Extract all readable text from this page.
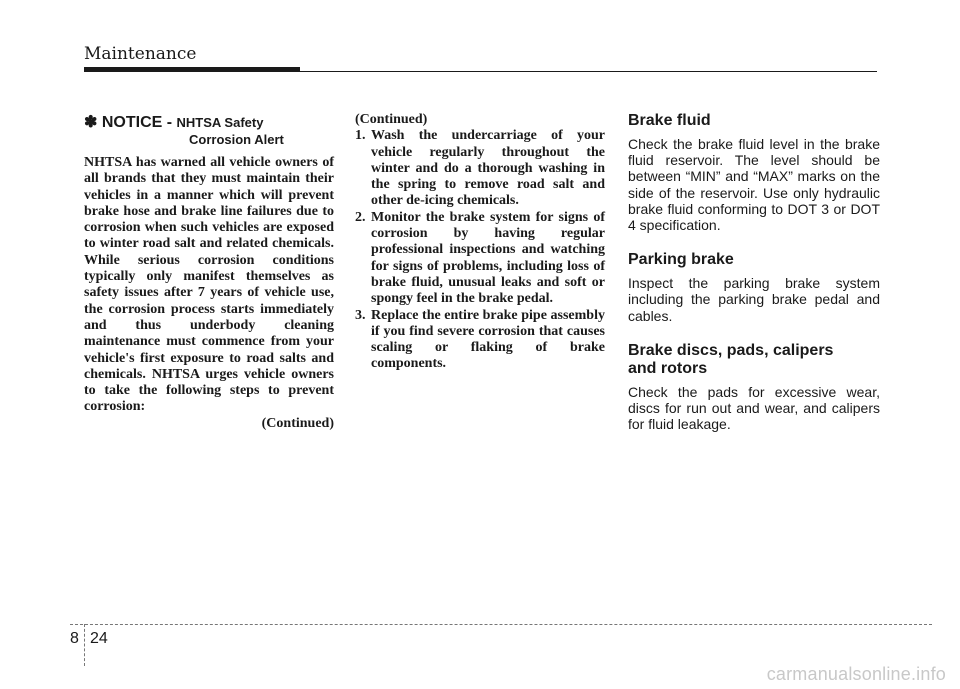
Maintenance
✽ NOTICE - NHTSA Safety
Corrosion Alert
NHTSA has warned all vehicle owners of all brands that they must maintain their vehicles in a manner which will prevent brake hose and brake line failures due to corrosion when such vehicles are exposed to winter road salt and related chemicals. While serious corrosion conditions typically only manifest themselves as safety issues after 7 years of vehicle use, the corrosion process starts immediately and thus underbody cleaning maintenance must commence from your vehicle's first exposure to road salts and chemicals. NHTSA urges vehicle owners to take the following steps to prevent corrosion:
(Continued)
(Continued)
1. Wash the undercarriage of your vehicle regularly throughout the winter and do a thorough washing in the spring to remove road salt and other de-icing chemicals.
2. Monitor the brake system for signs of corrosion by having regular professional inspections and watching for signs of problems, including loss of brake fluid, unusual leaks and soft or spongy feel in the brake pedal.
3. Replace the entire brake pipe assembly if you find severe corrosion that causes scaling or flaking of brake components.
Brake fluid

Check the brake fluid level in the brake fluid reservoir. The level should be between “MIN” and “MAX” marks on the side of the reservoir. Use only hydraulic brake fluid conforming to DOT 3 or DOT 4 specification.

Parking brake

Inspect the parking brake system including the parking brake pedal and cables.

Brake discs, pads, calipers and rotors

Check the pads for excessive wear, discs for run out and wear, and calipers for fluid leakage.

8 24
carmanualsonline.info
